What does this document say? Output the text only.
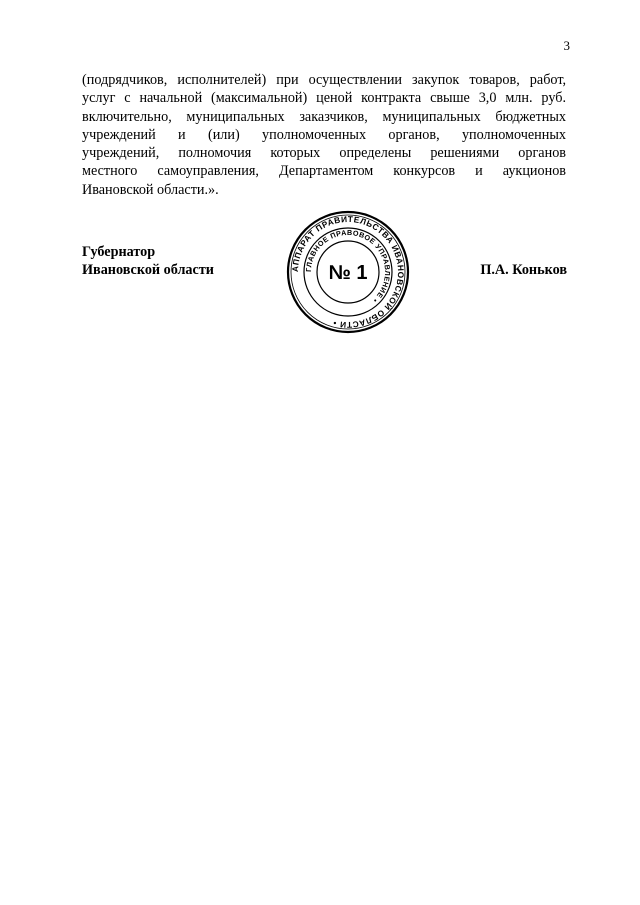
3
(подрядчиков, исполнителей) при осуществлении закупок товаров, работ,
услуг с начальной (максимальной) ценой контракта свыше 3,0 млн. руб.
включительно, муниципальных заказчиков, муниципальных бюджетных
учреждений и (или) уполномоченных органов, уполномоченных
учреждений, полномочия которых определены решениями органов
местного самоуправления, Департаментом конкурсов и аукционов
Ивановской области.».
Губернатор
Ивановской области	П.А. Коньков
АППАРАТ ПРАВИТЕЛЬСТВА ИВАНОВСКОЙ ОБЛАСТИ •
ГЛАВНОЕ ПРАВОВОЕ УПРАВЛЕНИЕ •
№ 1
